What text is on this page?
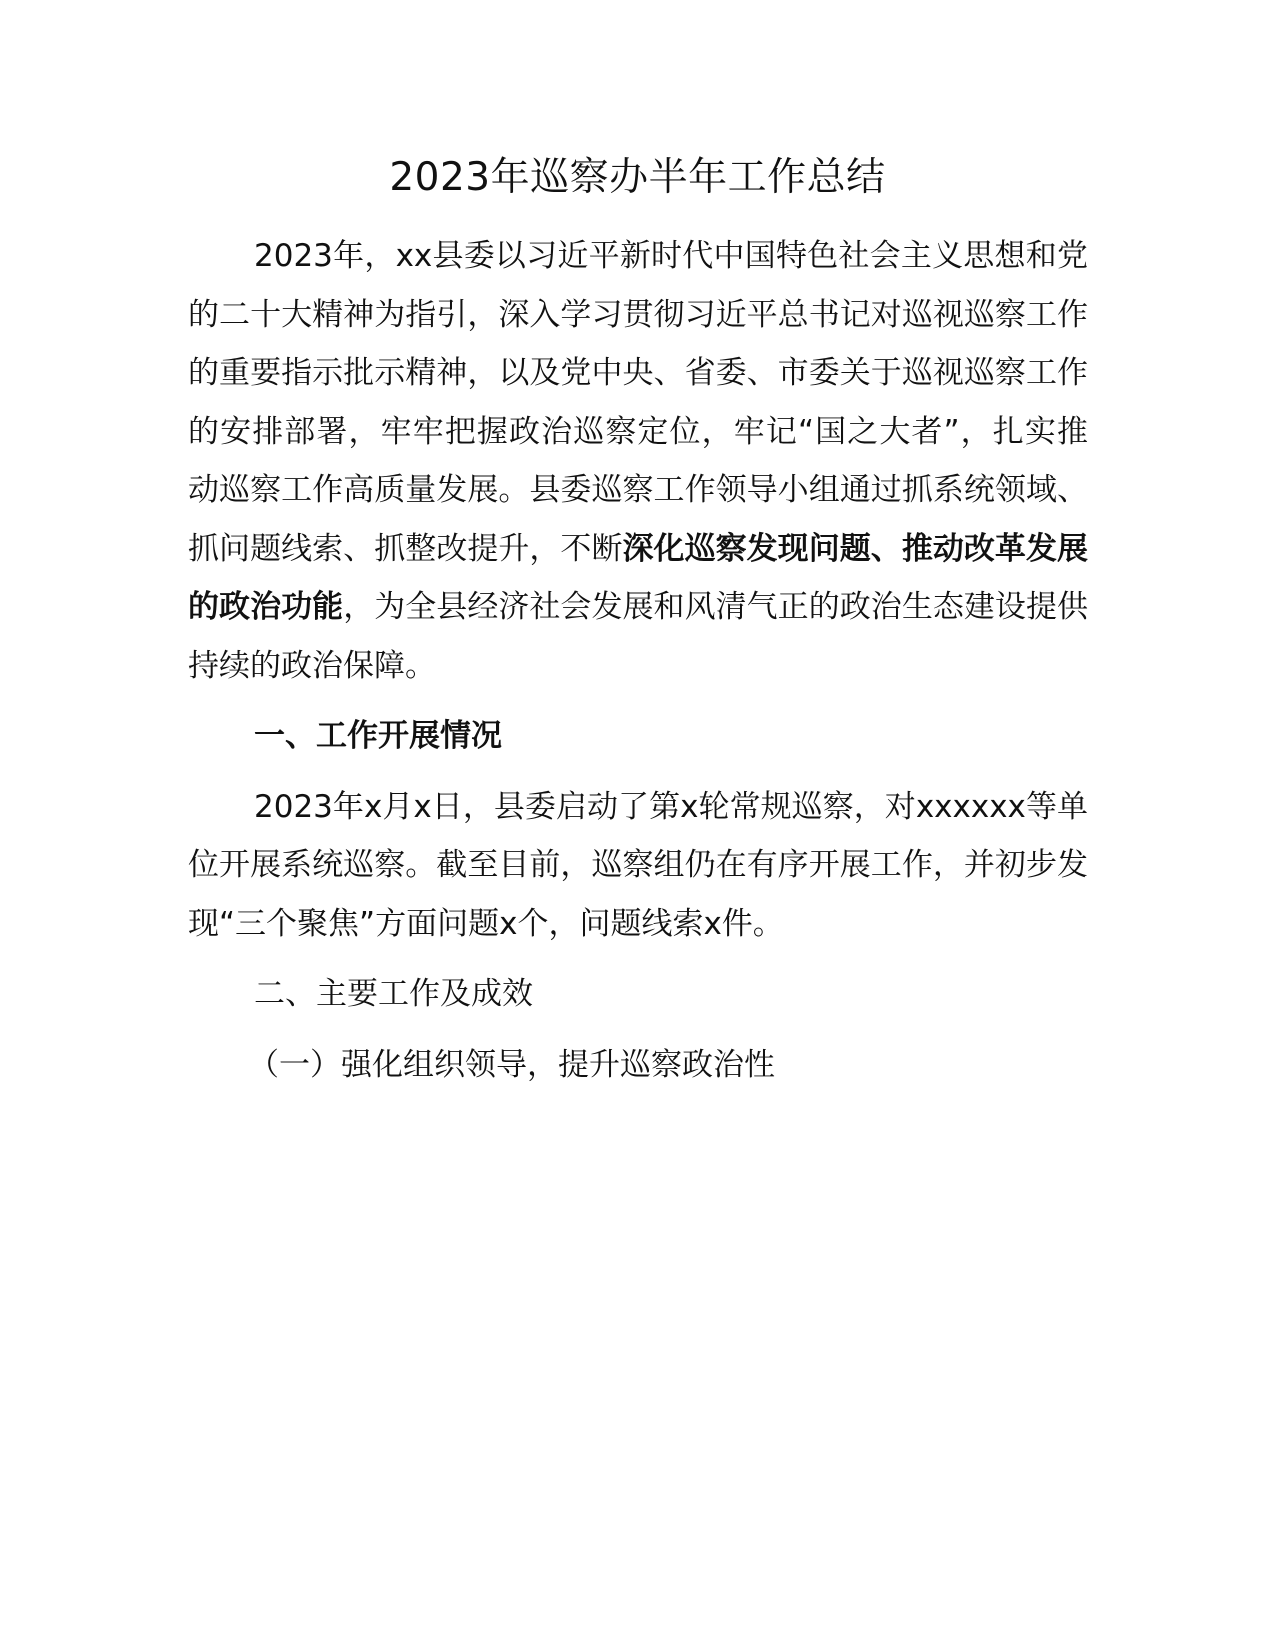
2023年巡察办半年工作总结

2023年，xx县委以习近平新时代中国特色社会主义思想和党的二十大精神为指引，深入学习贯彻习近平总书记对巡视巡察工作的重要指示批示精神，以及党中央、省委、市委关于巡视巡察工作的安排部署，牢牢把握政治巡察定位，牢记“国之大者”，扎实推动巡察工作高质量发展。县委巡察工作领导小组通过抓系统领域、抓问题线索、抓整改提升，不断深化巡察发现问题、推动改革发展的政治功能，为全县经济社会发展和风清气正的政治生态建设提供持续的政治保障。

一、工作开展情况

2023年x月x日，县委启动了第x轮常规巡察，对xxxxxx等单位开展系统巡察。截至目前，巡察组仍在有序开展工作，并初步发现“三个聚焦”方面问题x个，问题线索x件。

二、主要工作及成效

（一）强化组织领导，提升巡察政治性
